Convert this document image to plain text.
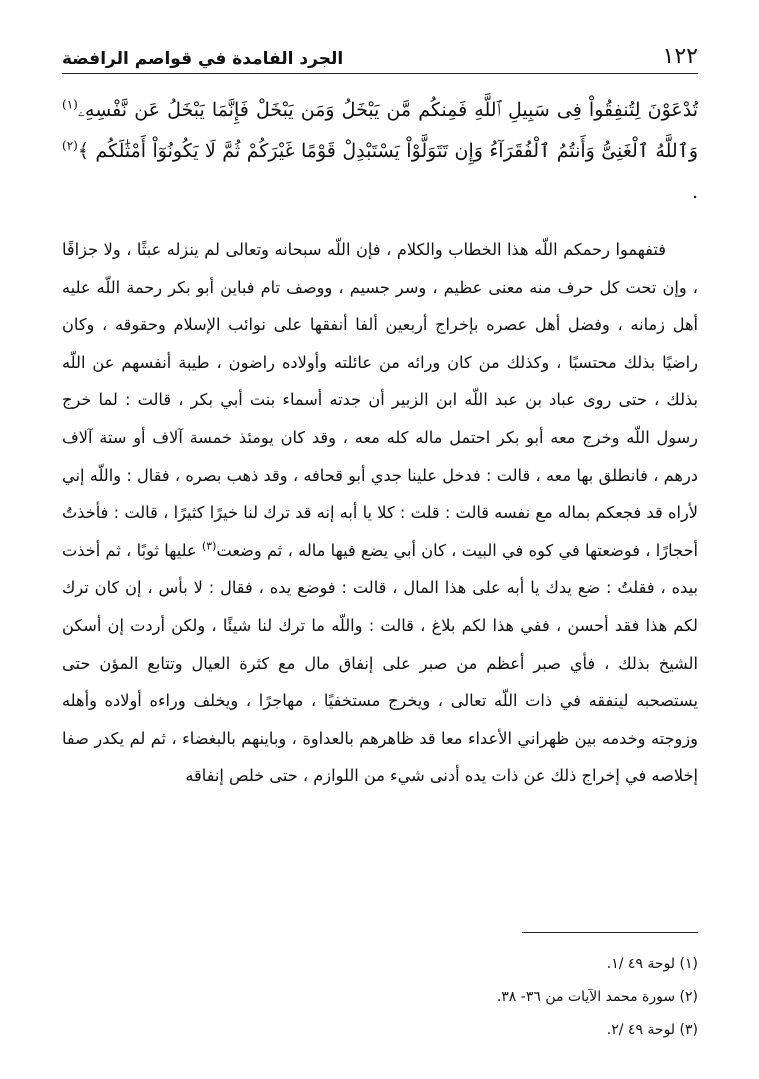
١٢٢
الجرد الفامدة في قواصم الرافضة
تُدْعَوْنَ لِتُنفِقُواْ فِى سَبِيلِ ٱللَّهِ فَمِنكُم مَّن يَبْخَلُ وَمَن يَبْخَلْ فَإِنَّمَا يَبْخَلُ عَن نَّفْسِهِۦ$^{(١)}$ وَٱللَّهُ ٱلْغَنِىُّ وَأَنتُمُ ٱلْفُقَرَآءُ وَإِن تَتَوَلَّوْاْ يَسْتَبْدِلْ قَوْمًا غَيْرَكُمْ ثُمَّ لَا يَكُونُوٓاْ أَمْثَٰلَكُم ﴾$^{(٢)}$ .
فتفهموا رحمكم اللّه هذا الخطاب والكلام ، فإن اللّه سبحانه وتعالى لم ينزله عبثًا ، ولا جزافًا ، وإن تحت كل حرف منه معنى عظيم ، وسر جسيم ، ووصف تام فباين أبو بكر رحمة اللّه عليه أهل زمانه ، وفضل أهل عصره بإخراج أربعين ألفا أنفقها على نوائب الإسلام وحقوقه ، وكان راضيًا بذلك محتسبًا ، وكذلك من كان ورائه من عائلته وأولاده راضون ، طيبة أنفسهم عن اللّه بذلك ، حتى روى عباد بن عبد اللّه ابن الزبير أن جدته أسماء بنت أبي بكر ، قالت : لما خرج رسول اللّه وخرج معه أبو بكر احتمل ماله كله معه ، وقد كان يومئذ خمسة آلاف أو ستة آلاف درهم ، فانطلق بها معه ، قالت : فدخل علينا جدي أبو قحافه ، وقد ذهب بصره ، فقال : واللّه إني لأراه قد فجعكم بماله مع نفسه قالت : قلت : كلا يا أبه إنه قد ترك لنا خيرًا كثيرًا ، قالت : فأخذتُ أحجارًا ، فوضعتها في كوه في البيت ، كان أبي يضع فيها ماله ، ثم وضعت$^{(٣)}$ عليها ثوبًا ، ثم أخذت بيده ، فقلتُ : ضع يدك يا أبه على هذا المال ، قالت : فوضع يده ، فقال : لا بأس ، إن كان ترك لكم هذا فقد أحسن ، ففي هذا لكم بلاغ ، قالت : واللّه ما ترك لنا شيئًا ، ولكن أردت إن أسكن الشيخ بذلك ، فأي صبر أعظم من صبر على إنفاق مال مع كثرة العيال وتتابع المؤن حتى يستصحبه لينفقه في ذات اللّه تعالى ، ويخرج مستخفيًا ، مهاجرًا ، ويخلف وراءه أولاده وأهله وزوجته وخدمه بين ظهراني الأعداء معا قد ظاهرهم بالعداوة ، وباينهم بالبغضاء ، ثم لم يكدر صفا إخلاصه في إخراج ذلك عن ذات يده أدنى شيء من اللوازم ، حتى خلص إنفاقه
(١) لوحة ٤٩ /١.
(٢) سورة محمد الآيات من ٣٦- ٣٨.
(٣) لوحة ٤٩ /٢.
